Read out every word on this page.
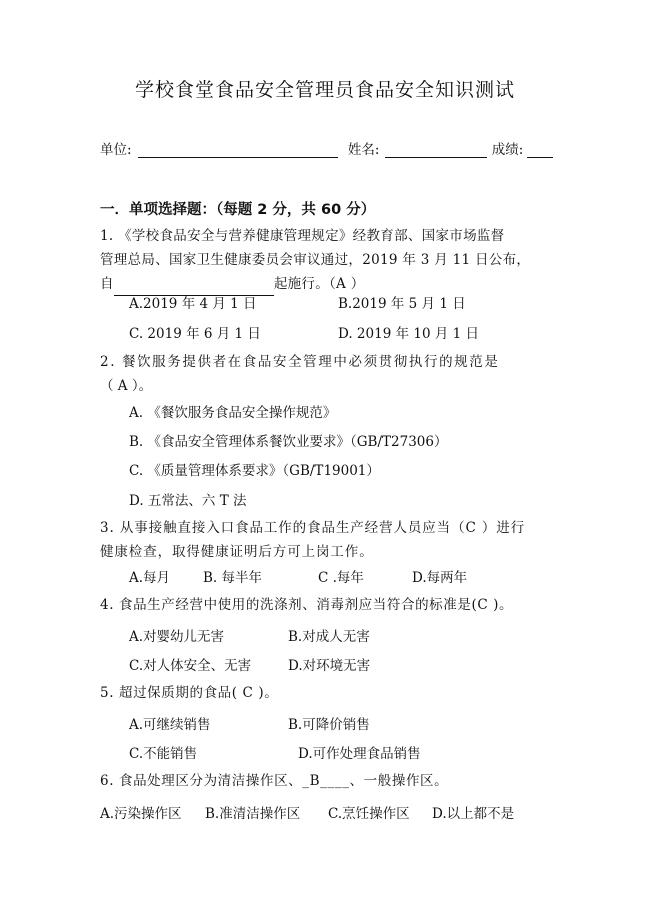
学校食堂食品安全管理员食品安全知识测试
单位:	姓名:	成绩:
一．单项选择题：（每题 2 分，共 60 分）
1. 《学校食品安全与营养健康管理规定》经教育部、国家市场监督
管理总局、国家卫生健康委员会审议通过，2019 年 3 月 11 日公布，
自	起施行。（A ）
A.2019 年 4 月 1 日	B.2019 年 5 月 1 日
C. 2019 年 6 月 1 日	D. 2019 年 10 月 1 日
2. 餐饮服务提供者在食品安全管理中必须贯彻执行的规范是
（ A ）。
A. 《餐饮服务食品安全操作规范》
B. 《食品安全管理体系餐饮业要求》（GB/T27306）
C. 《质量管理体系要求》（GB/T19001）
D. 五常法、六 T 法
3. 从事接触直接入口食品工作的食品生产经营人员应当（C ）进行
健康检查，取得健康证明后方可上岗工作。
A.每月 B. 每半年	C .每年	D.每两年
4. 食品生产经营中使用的洗涤剂、消毒剂应当符合的标准是(C )。
A.对婴幼儿无害	B.对成人无害
C.对人体安全、无害	D.对环境无害
5. 超过保质期的食品( C )。
A.可继续销售	B.可降价销售
C.不能销售	D.可作处理食品销售
6. 食品处理区分为清洁操作区、_B____、一般操作区。
A.污染操作区 B.准清洁操作区 C.烹饪操作区 D.以上都不是
